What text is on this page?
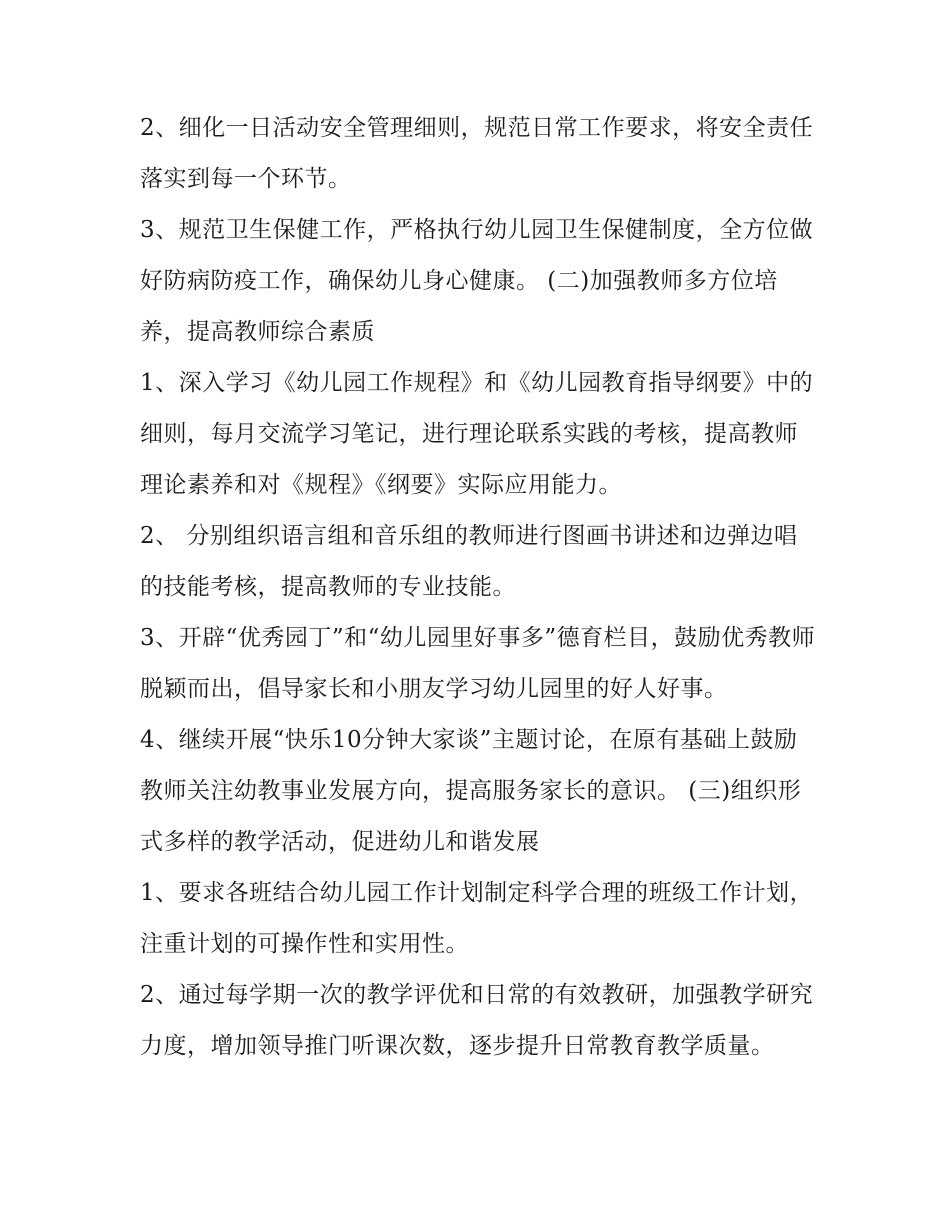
2、细化一日活动安全管理细则，规范日常工作要求，将安全责任落实到每一个环节。

3、规范卫生保健工作，严格执行幼儿园卫生保健制度，全方位做好防病防疫工作，确保幼儿身心健康。 (二)加强教师多方位培养，提高教师综合素质

1、深入学习《幼儿园工作规程》和《幼儿园教育指导纲要》中的细则，每月交流学习笔记，进行理论联系实践的考核，提高教师理论素养和对《规程》《纲要》实际应用能力。

2、 分别组织语言组和音乐组的教师进行图画书讲述和边弹边唱的技能考核，提高教师的专业技能。

3、开辟“优秀园丁”和“幼儿园里好事多”德育栏目，鼓励优秀教师脱颖而出，倡导家长和小朋友学习幼儿园里的好人好事。

4、继续开展“快乐10分钟大家谈”主题讨论，在原有基础上鼓励教师关注幼教事业发展方向，提高服务家长的意识。 (三)组织形式多样的教学活动，促进幼儿和谐发展

1、要求各班结合幼儿园工作计划制定科学合理的班级工作计划，注重计划的可操作性和实用性。

2、通过每学期一次的教学评优和日常的有效教研，加强教学研究力度，增加领导推门听课次数，逐步提升日常教育教学质量。
